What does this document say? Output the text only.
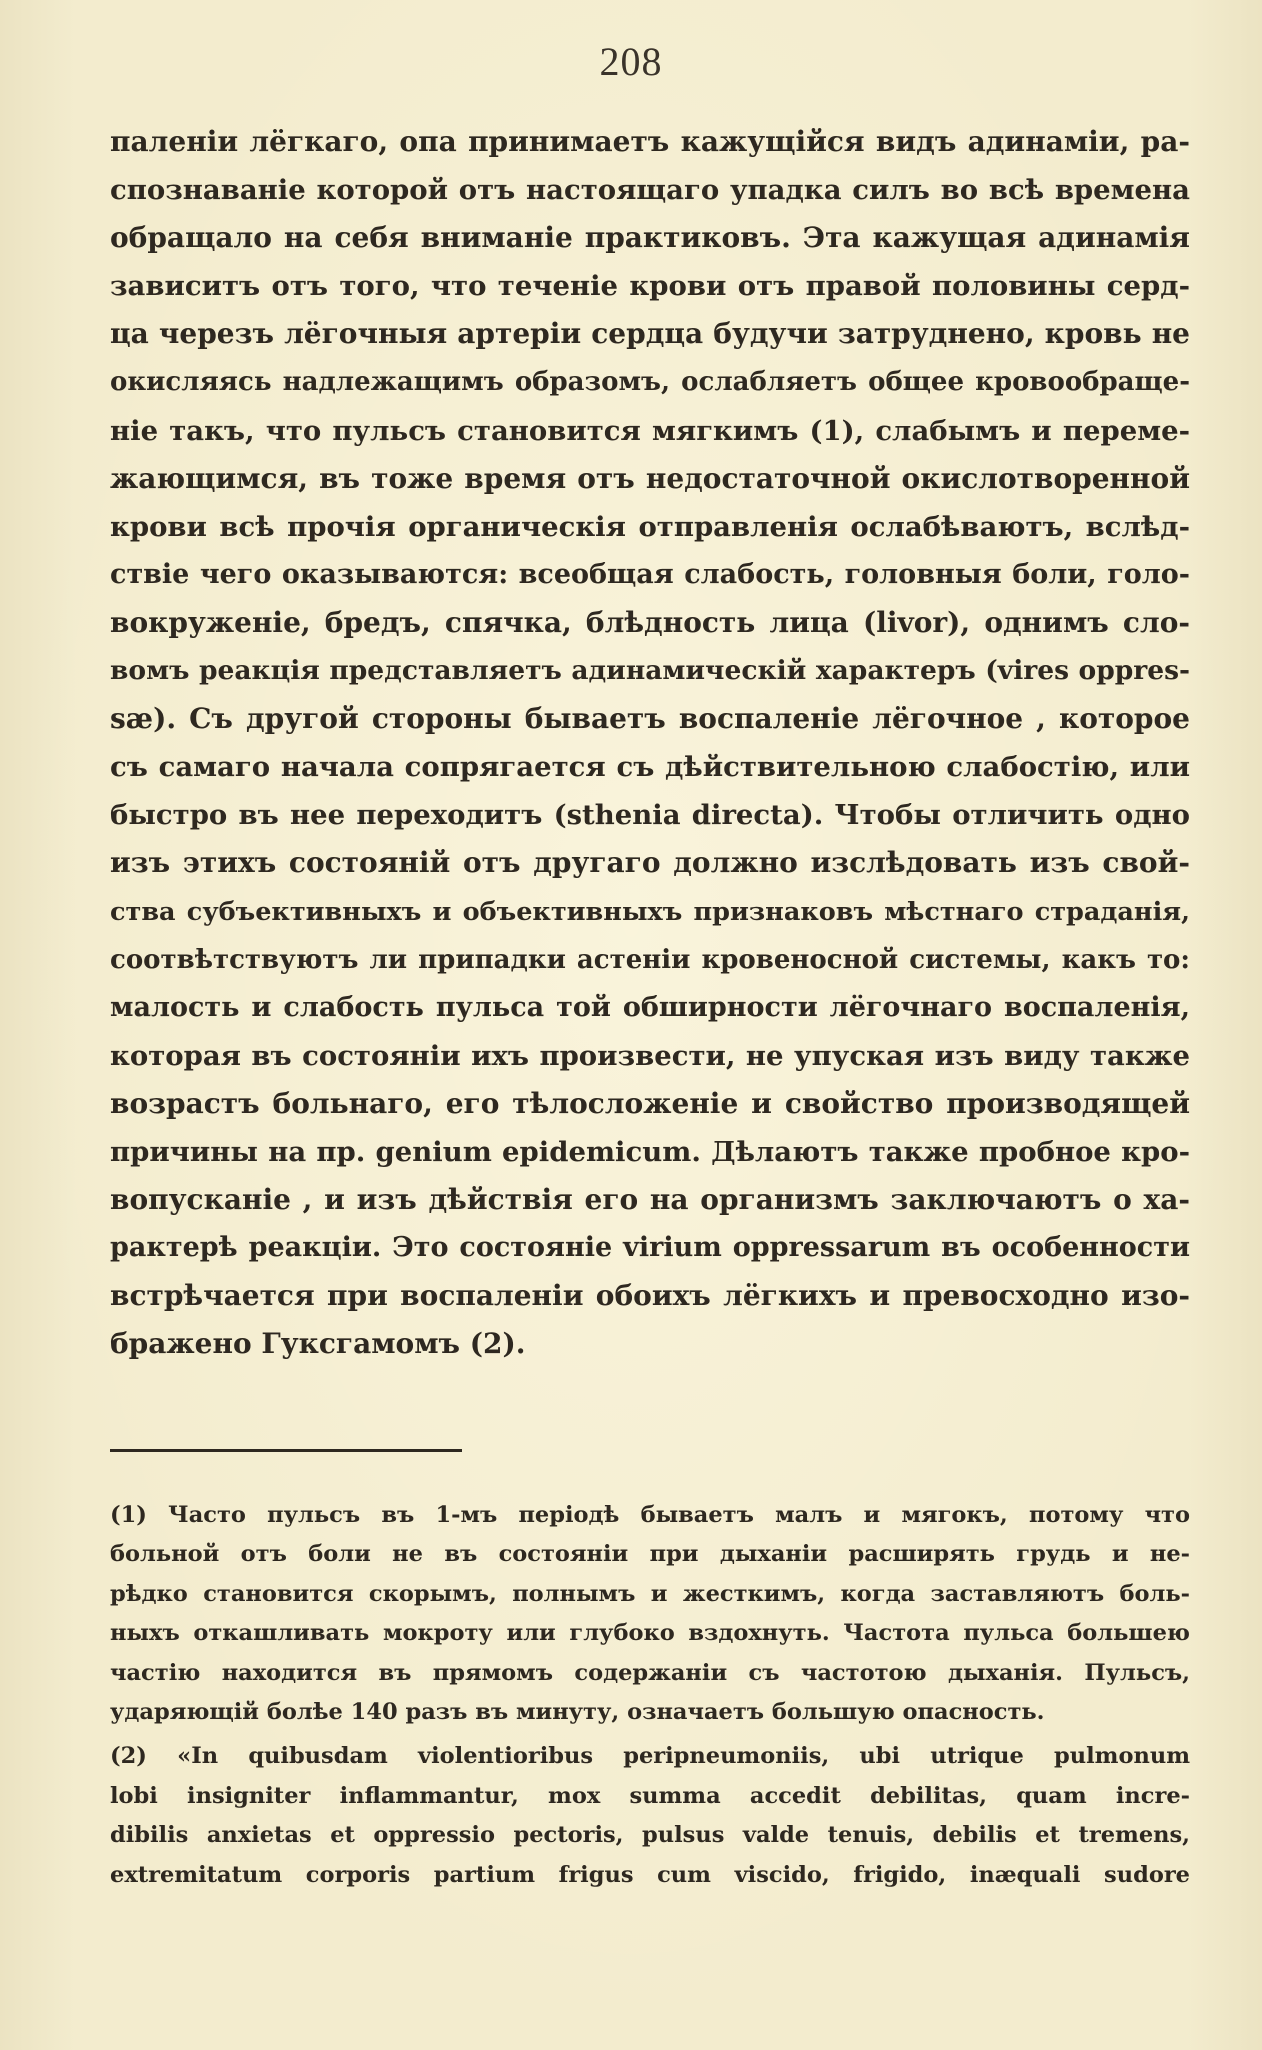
208
паленіи лёгкаго, опа принимаетъ кажущійся видъ адинаміи, ра-
спознаваніе которой отъ настоящаго упадка силъ во всѣ времена
обращало на себя вниманіе практиковъ. Эта кажущая адинамія
зависитъ отъ того, что теченіе крови отъ правой половины серд-
ца черезъ лёгочныя артеріи сердца будучи затруднено, кровь не
окисляясь надлежащимъ образомъ, ослабляетъ общее кровообраще-
ніе такъ, что пульсъ становится мягкимъ (1), слабымъ и переме-
жающимся, въ тоже время отъ недостаточной окислотворенной
крови всѣ прочія органическія отправленія ослабѣваютъ, вслѣд-
ствіе чего оказываются: всеобщая слабость, головныя боли, голо-
вокруженіе, бредъ, спячка, блѣдность лица (livor), однимъ сло-
вомъ реакція представляетъ адинамическій характеръ (vires oppres-
sæ). Съ другой стороны бываетъ воспаленіе лёгочное , которое
съ самаго начала сопрягается съ дѣйствительною слабостію, или
быстро въ нее переходитъ (sthenia directa). Чтобы отличить одно
изъ этихъ состояній отъ другаго должно изслѣдовать изъ свой-
ства субъективныхъ и объективныхъ признаковъ мѣстнаго страданія,
соотвѣтствуютъ ли припадки астеніи кровеносной системы, какъ то:
малость и слабость пульса той обширности лёгочнаго воспаленія,
которая въ состояніи ихъ произвести, не упуская изъ виду также
возрастъ больнаго, его тѣлосложеніе и свойство производящей
причины на пр. genium epidemicum. Дѣлаютъ также пробное кро-
вопусканіе , и изъ дѣйствія его на организмъ заключаютъ о ха-
рактерѣ реакціи. Это состояніе virium oppressarum въ особенности
встрѣчается при воспаленіи обоихъ лёгкихъ и превосходно изо-
бражено Гуксгамомъ (2).
(1) Часто пульсъ въ 1-мъ періодѣ бываетъ малъ и мягокъ, потому что
больной отъ боли не въ состояніи при дыханіи расширять грудь и не-
рѣдко становится скорымъ, полнымъ и жесткимъ, когда заставляютъ боль-
ныхъ откашливать мокроту или глубоко вздохнуть. Частота пульса большею
частію находится въ прямомъ содержаніи съ частотою дыханія. Пульсъ,
ударяющій болѣе 140 разъ въ минуту, означаетъ большую опасность.
(2) «In quibusdam violentioribus peripneumoniis, ubi utrique pulmonum
lobi insigniter inflammantur, mox summa accedit debilitas, quam incre-
dibilis anxietas et oppressio pectoris, pulsus valde tenuis, debilis et tremens,
extremitatum corporis partium frigus cum viscido, frigido, inæquali sudore
